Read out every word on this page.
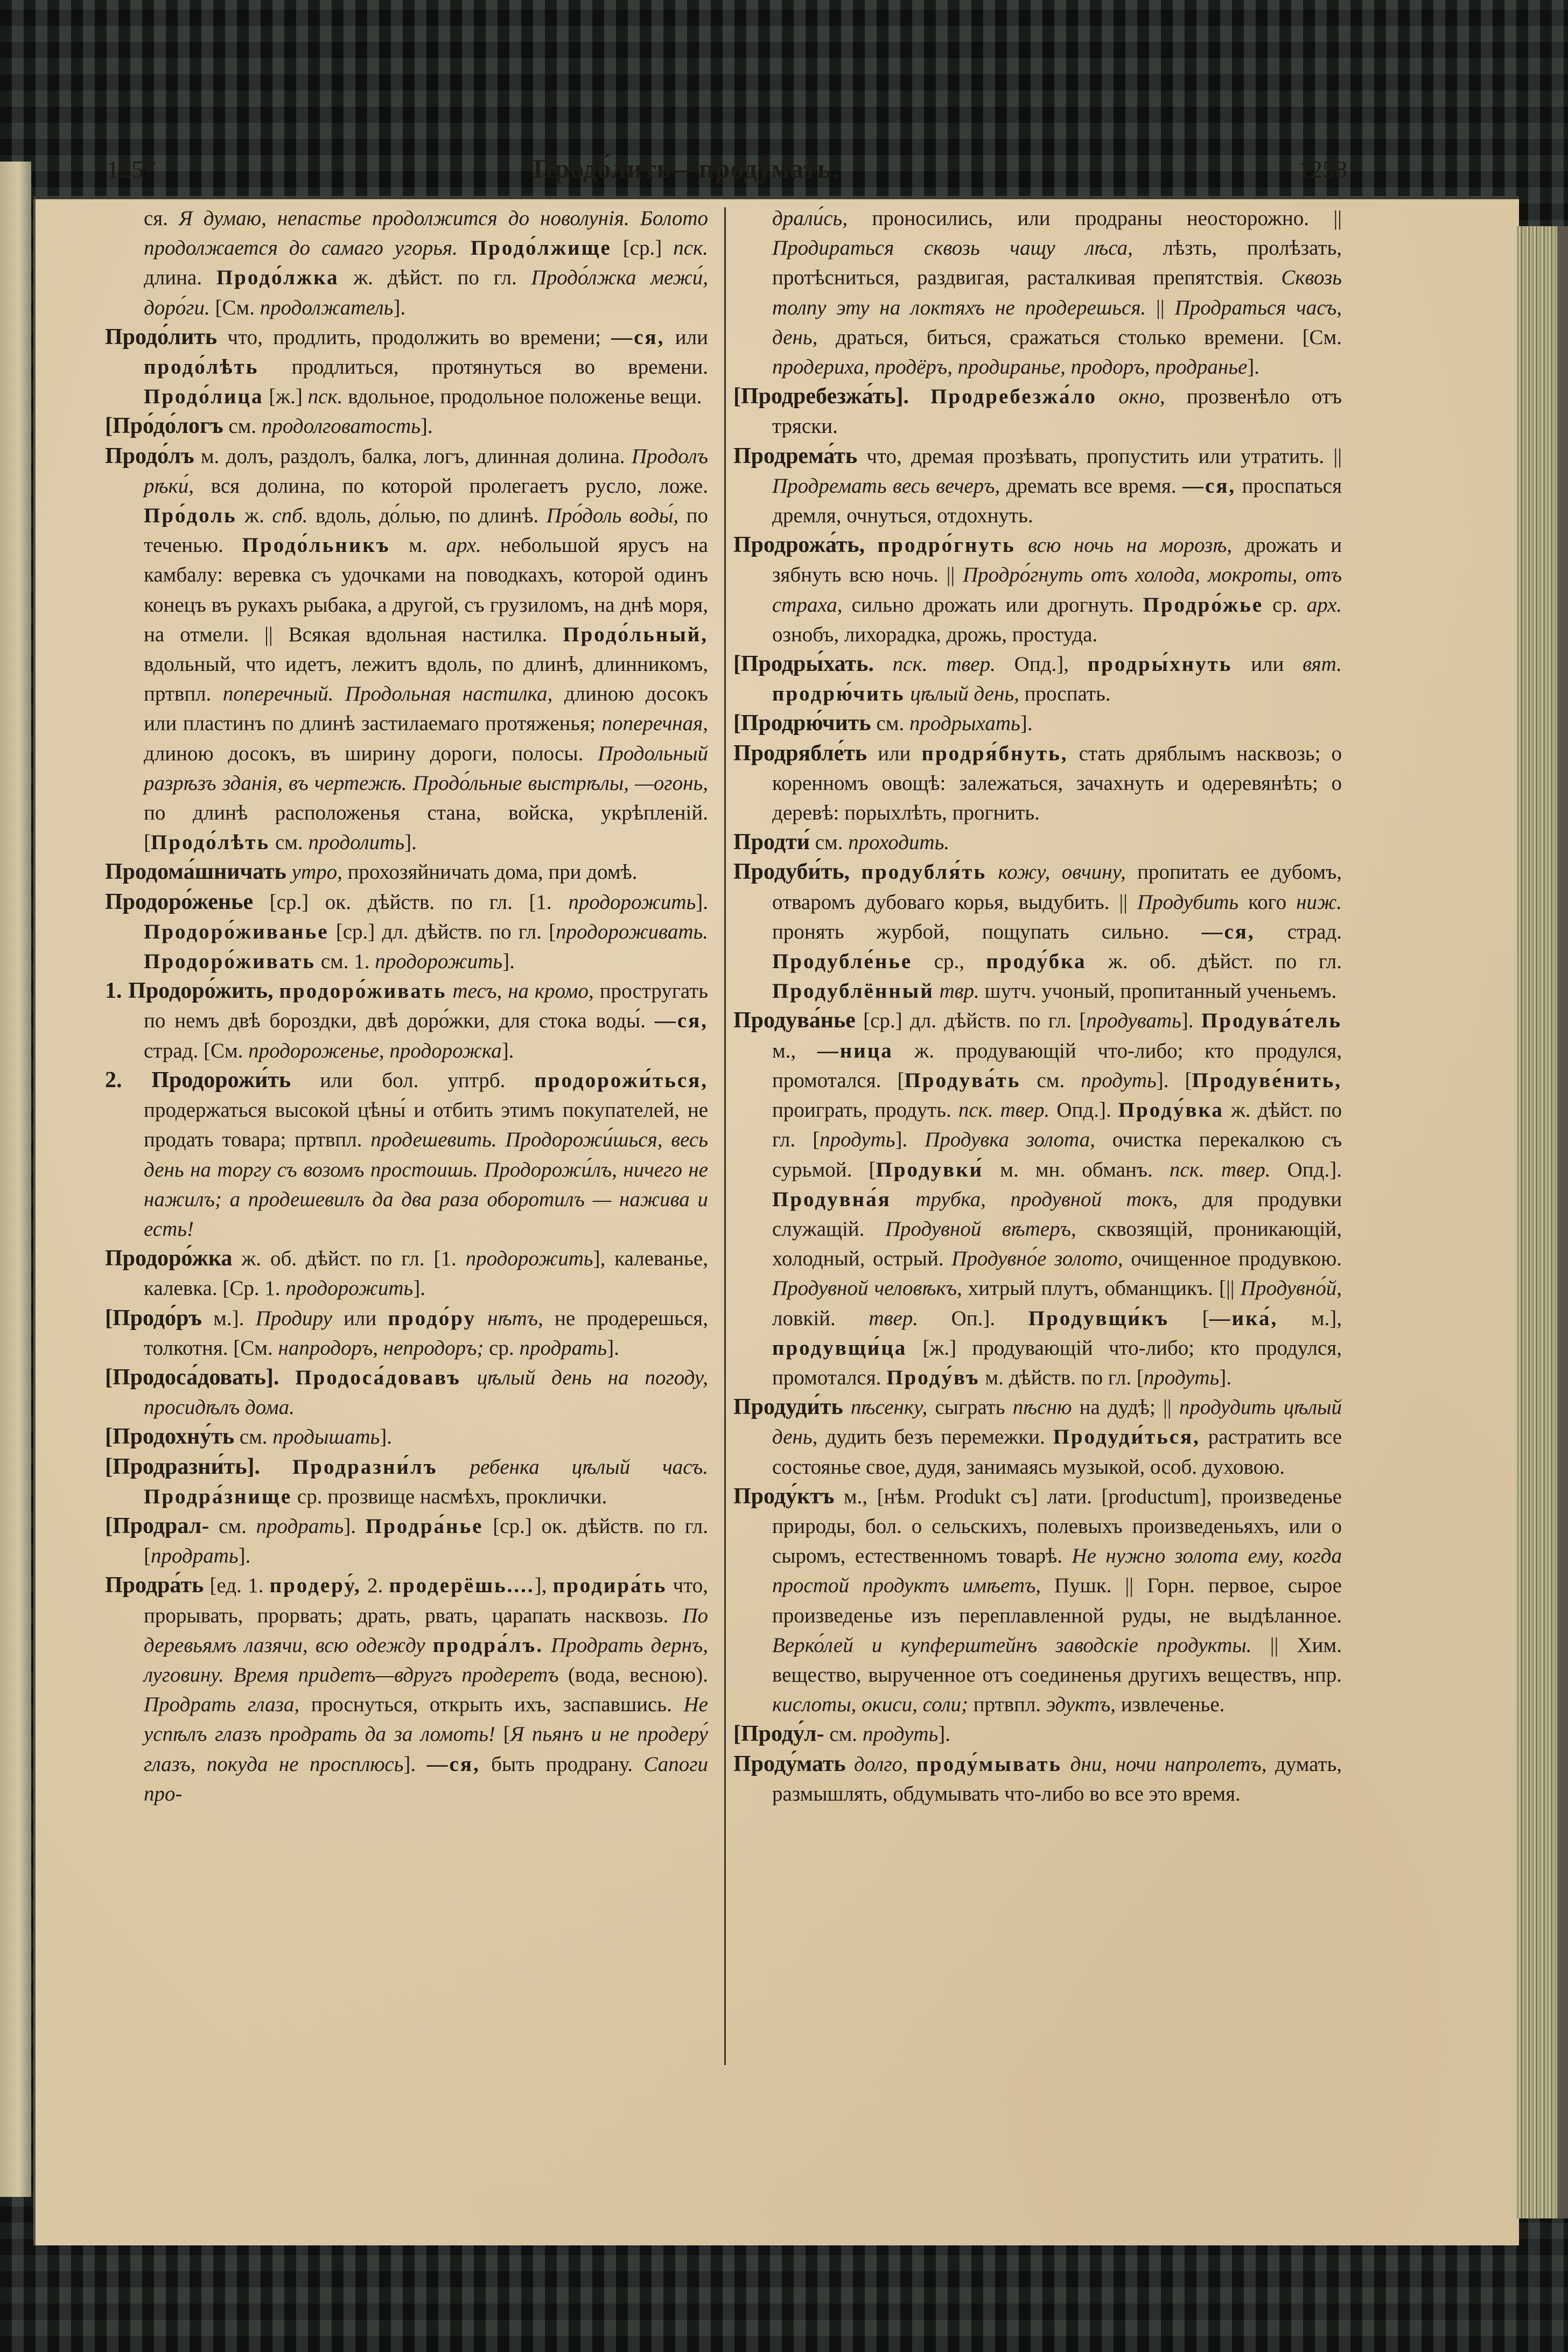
1257	Продо́лить—проду́мать.	1258

ся. Я думаю, непастье продолжится до новолунія. Болото продолжается до самаго угорья. Продо́лжище [ср.] пск. длина. Продо́лжка ж. дѣйст. по гл. Продо́лжка межи́, доро́ги. [См. продолжатель].

Продо́лить что, продлить, продолжить во времени; —ся, или продо́лѣть продлиться, протянуться во времени. Продо́лица [ж.] пск. вдольное, продольное положенье вещи.

[Про́до́логъ см. продолговатость].

Продо́лъ м. долъ, раздолъ, балка, логъ, длинная долина. Продолъ рѣки́, вся долина, по которой пролегаетъ русло, ложе. Про́доль ж. спб. вдоль, до́лью, по длинѣ. Про́доль воды́, по теченью. Продо́льникъ м. арх. небольшой ярусъ на камбалу: веревка съ удочками на поводкахъ, которой одинъ конецъ въ рукахъ рыбака, а другой, съ грузиломъ, на днѣ моря, на отмели. || Всякая вдольная настилка. Продо́льный, вдольный, что идетъ, лежитъ вдоль, по длинѣ, длинникомъ, пртвпл. поперечный. Продольная настилка, длиною досокъ или пластинъ по длинѣ застилаемаго протяженья; поперечная, длиною досокъ, въ ширину дороги, полосы. Продольный разрѣзъ зданія, въ чертежѣ. Продо́льные выстрѣлы, —огонь, по длинѣ расположенья стана, войска, укрѣпленій. [Продо́лѣть см. продолить].

Продома́шничать утро, прохозяйничать дома, при домѣ.

Продоро́женье [ср.] ок. дѣйств. по гл. [1. продорожить]. Продоро́живанье [ср.] дл. дѣйств. по гл. [продороживать. Продоро́живать см. 1. продорожить].

1. Продоро́жить, продоро́живать тесъ, на кромо, простругать по немъ двѣ бороздки, двѣ доро́жки, для стока воды́. —ся, страд. [См. продороженье, продорожка].

2. Продорожи́ть или бол. уптрб. продорожи́ться, продержаться высокой цѣны́ и отбить этимъ покупателей, не продать товара; пртвпл. продешевить. Продорожи́шься, весь день на торгу съ возомъ простоишь. Продорожи́лъ, ничего не нажилъ; а продешевилъ да два раза оборотилъ — нажива и есть!

Продоро́жка ж. об. дѣйст. по гл. [1. продорожить], калеванье, калевка. [Ср. 1. продорожить].

[Продо́ръ м.]. Продиру или продо́ру нѣтъ, не продерешься, толкотня. [См. напродоръ, непродоръ; ср. продрать].

[Продоса́довать]. Продоса́довавъ цѣлый день на погоду, просидѣлъ дома.

[Продохну́ть см. продышать].

[Продразни́ть]. Продразни́лъ ребенка цѣлый часъ. Продра́знище ср. прозвище насмѣхъ, проклички.

[Продрал- см. продрать]. Продра́нье [ср.] ок. дѣйств. по гл. [продрать].

Продра́ть [ед. 1. продеру́, 2. продерёшь....], продира́ть что, прорывать, прорвать; драть, рвать, царапать насквозь. По деревьямъ лазячи, всю одежду продра́лъ. Продрать дернъ, луговину. Время придетъ—вдругъ продеретъ (вода, весною). Продрать глаза, проснуться, открыть ихъ, заспавшись. Не успѣлъ глазъ продрать да за ломоть! [Я пьянъ и не продеру́ глазъ, покуда не просплюсь]. —ся, быть продрану. Сапоги про-

драли́сь, проносились, или продраны неосторожно. || Продираться сквозь чащу лѣса, лѣзть, пролѣзать, протѣсниться, раздвигая, расталкивая препятствія. Сквозь толпу эту на локтяхъ не продерешься. || Продраться часъ, день, драться, биться, сражаться столько времени. [См. продериха, продёръ, продиранье, продоръ, продранье].

[Продребезжа́ть]. Продребезжа́ло окно, прозвенѣло отъ тряски.

Продрема́ть что, дремая прозѣвать, пропустить или утратить. || Продремать весь вечеръ, дремать все время. —ся, проспаться дремля, очнуться, отдохнуть.

Продрожа́ть, продро́гнуть всю ночь на морозѣ, дрожать и зябнуть всю ночь. || Продро́гнуть отъ холода, мокроты, отъ страха, сильно дрожать или дрогнуть. Продро́жье ср. арх. ознобъ, лихорадка, дрожь, простуда.

[Продры́хать. пск. твер. Опд.], продры́хнуть или вят. продрю́чить цѣлый день, проспать.

[Продрю́чить см. продрыхать].

Продрябле́ть или продря́бнуть, стать дряблымъ насквозь; о коренномъ овощѣ: залежаться, зачахнуть и одеревянѣть; о деревѣ: порыхлѣть, прогнить.

Продти́ см. проходить.

Продуби́ть, продубля́ть кожу, овчину, пропитать ее дубомъ, отваромъ дубоваго корья, выдубить. || Продубить кого ниж. пронять журбой, пощупать сильно. —ся, страд. Продубле́нье ср., проду́бка ж. об. дѣйст. по гл. Продублённый твр. шутч. учоный, пропитанный ученьемъ.

Продува́нье [ср.] дл. дѣйств. по гл. [продувать]. Продува́тель м., —ница ж. продувающій что-либо; кто продулся, промотался. [Продува́ть см. продуть]. [Продуве́нить, проиграть, продуть. пск. твер. Опд.]. Проду́вка ж. дѣйст. по гл. [продуть]. Продувка золота, очистка перекалкою съ сурьмой. [Продувки́ м. мн. обманъ. пск. твер. Опд.]. Продувна́я трубка, продувной токъ, для продувки служащій. Продувной вѣтеръ, сквозящій, проникающій, холодный, острый. Продувно́е золото, очищенное продувкою. Продувной человѣкъ, хитрый плутъ, обманщикъ. [|| Продувно́й, ловкій. твер. Оп.]. Продувщи́къ [—ика́, м.], продувщи́ца [ж.] продувающій что-либо; кто продулся, промотался. Проду́въ м. дѣйств. по гл. [продуть].

Продуди́ть пѣсенку, сыграть пѣсню на дудѣ; || продудить цѣлый день, дудить безъ перемежки. Продуди́ться, растратить все состоянье свое, дудя, занимаясь музыкой, особ. духовою.

Проду́ктъ м., [нѣм. Produkt съ] лати. [productum], произведенье природы, бол. о сельскихъ, полевыхъ произведеньяхъ, или о сыромъ, естественномъ товарѣ. Не нужно золота ему, когда простой продуктъ имѣетъ, Пушк. || Горн. первое, сырое произведенье изъ переплавленной руды, не выдѣланное. Верко́лей и купферштейнъ заводскіе продукты. || Хим. вещество, вырученное отъ соединенья другихъ веществъ, нпр. кислоты, окиси, соли; пртвпл. эдуктъ, извлеченье.

[Проду́л- см. продуть].

Проду́мать долго, проду́мывать дни, ночи напролетъ, думать, размышлять, обдумывать что-либо во все это время.
